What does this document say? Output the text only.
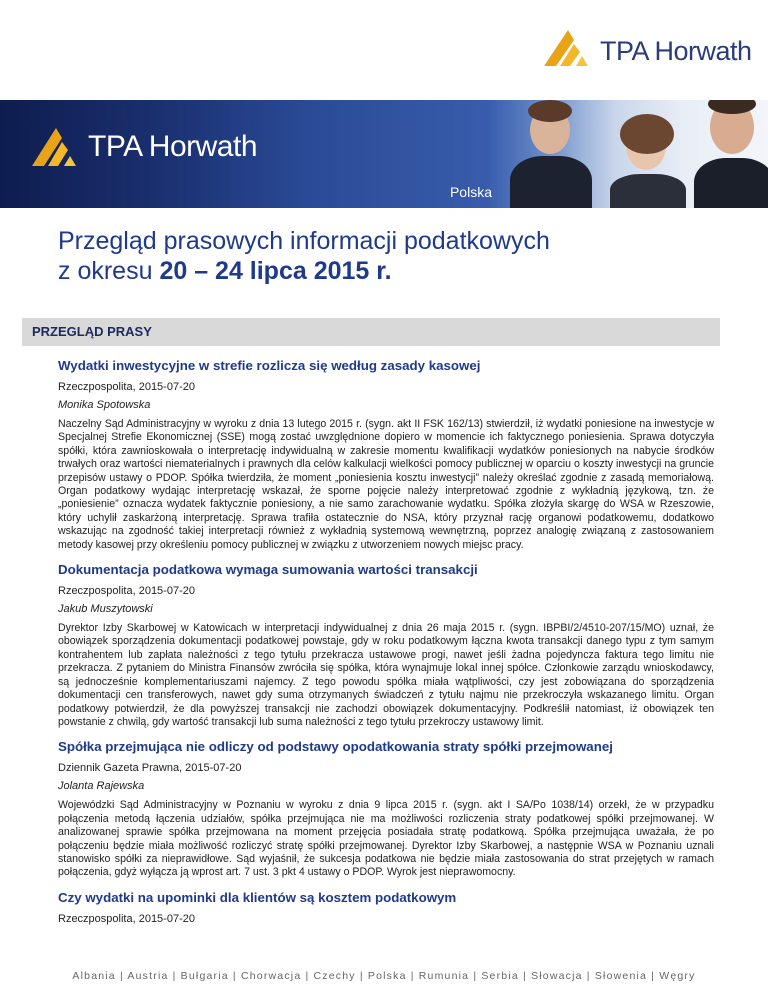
TPA Horwath
TPA Horwath
Polska
Przegląd prasowych informacji podatkowych
z okresu 20 – 24 lipca 2015 r.
PRZEGLĄD PRASY
Wydatki inwestycyjne w strefie rozlicza się według zasady kasowej

Rzeczpospolita, 2015-07-20

Monika Spotowska

Naczelny Sąd Administracyjny w wyroku z dnia 13 lutego 2015 r. (sygn. akt II FSK 162/13) stwierdził, iż wydatki poniesione na inwestycje w Specjalnej Strefie Ekonomicznej (SSE) mogą zostać uwzględnione dopiero w momencie ich faktycznego poniesienia. Sprawa dotyczyła spółki, która zawnioskowała o interpretację indywidualną w zakresie momentu kwalifikacji wydatków poniesionych na nabycie środków trwałych oraz wartości niematerialnych i prawnych dla celów kalkulacji wielkości pomocy publicznej w oparciu o koszty inwestycji na gruncie przepisów ustawy o PDOP. Spółka twierdziła, że moment „poniesienia kosztu inwestycji” należy określać zgodnie z zasadą memoriałową. Organ podatkowy wydając interpretację wskazał, że sporne pojęcie należy interpretować zgodnie z wykładnią językową, tzn. że „poniesienie” oznacza wydatek faktycznie poniesiony, a nie samo zarachowanie wydatku. Spółka złożyła skargę do WSA w Rzeszowie, który uchylił zaskarżoną interpretację. Sprawa trafiła ostatecznie do NSA, który przyznał rację organowi podatkowemu, dodatkowo wskazując na zgodność takiej interpretacji również z wykładnią systemową wewnętrzną, poprzez analogię związaną z zastosowaniem metody kasowej przy określeniu pomocy publicznej w związku z utworzeniem nowych miejsc pracy.

Dokumentacja podatkowa wymaga sumowania wartości transakcji

Rzeczpospolita, 2015-07-20

Jakub Muszytowski

Dyrektor Izby Skarbowej w Katowicach w interpretacji indywidualnej z dnia 26 maja 2015 r. (sygn. IBPBI/2/4510-207/15/MO) uznał, że obowiązek sporządzenia dokumentacji podatkowej powstaje, gdy w roku podatkowym łączna kwota transakcji danego typu z tym samym kontrahentem lub zapłata należności z tego tytułu przekracza ustawowe progi, nawet jeśli żadna pojedyncza faktura tego limitu nie przekracza. Z pytaniem do Ministra Finansów zwróciła się spółka, która wynajmuje lokal innej spółce. Członkowie zarządu wnioskodawcy, są jednocześnie komplementariuszami najemcy. Z tego powodu spółka miała wątpliwości, czy jest zobowiązana do sporządzenia dokumentacji cen transferowych, nawet gdy suma otrzymanych świadczeń z tytułu najmu nie przekroczyła wskazanego limitu. Organ podatkowy potwierdził, że dla powyższej transakcji nie zachodzi obowiązek dokumentacyjny. Podkreślił natomiast, iż obowiązek ten powstanie z chwilą, gdy wartość transakcji lub suma należności z tego tytułu przekroczy ustawowy limit.

Spółka przejmująca nie odliczy od podstawy opodatkowania straty spółki przejmowanej

Dziennik Gazeta Prawna, 2015-07-20

Jolanta Rajewska

Wojewódzki Sąd Administracyjny w Poznaniu w wyroku z dnia 9 lipca 2015 r. (sygn. akt I SA/Po 1038/14) orzekł, że w przypadku połączenia metodą łączenia udziałów, spółka przejmująca nie ma możliwości rozliczenia straty podatkowej spółki przejmowanej. W analizowanej sprawie spółka przejmowana na moment przejęcia posiadała stratę podatkową. Spółka przejmująca uważała, że po połączeniu będzie miała możliwość rozliczyć stratę spółki przejmowanej. Dyrektor Izby Skarbowej, a następnie WSA w Poznaniu uznali stanowisko spółki za nieprawidłowe. Sąd wyjaśnił, że sukcesja podatkowa nie będzie miała zastosowania do strat przejętych w ramach połączenia, gdyż wyłącza ją wprost art. 7 ust. 3 pkt 4 ustawy o PDOP. Wyrok jest nieprawomocny.

Czy wydatki na upominki dla klientów są kosztem podatkowym

Rzeczpospolita, 2015-07-20

Albania | Austria | Bułgaria | Chorwacja | Czechy | Polska | Rumunia | Serbia | Słowacja | Słowenia | Węgry
